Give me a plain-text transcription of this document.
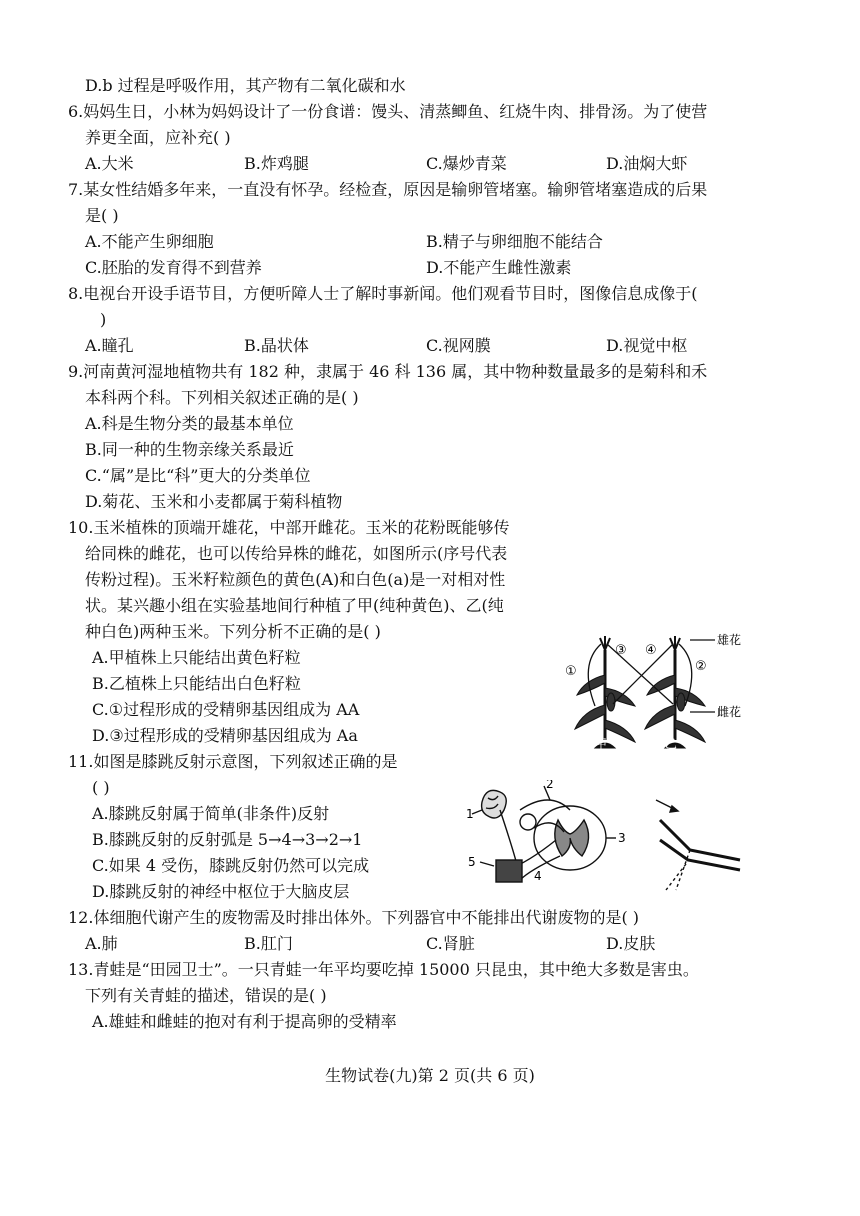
D.b 过程是呼吸作用，其产物有二氧化碳和水
6.妈妈生日，小林为妈妈设计了一份食谱：馒头、清蒸鲫鱼、红烧牛肉、排骨汤。为了使营
养更全面，应补充( )
A.大米	B.炸鸡腿	C.爆炒青菜	D.油焖大虾
7.某女性结婚多年来，一直没有怀孕。经检查，原因是输卵管堵塞。输卵管堵塞造成的后果
是( )
A.不能产生卵细胞	B.精子与卵细胞不能结合
C.胚胎的发育得不到营养	D.不能产生雌性激素
8.电视台开设手语节目，方便听障人士了解时事新闻。他们观看节目时，图像信息成像于(
)
A.瞳孔	B.晶状体	C.视网膜	D.视觉中枢
9.河南黄河湿地植物共有 182 种，隶属于 46 科 136 属，其中物种数量最多的是菊科和禾
本科两个科。下列相关叙述正确的是( )
A.科是生物分类的最基本单位
B.同一种的生物亲缘关系最近
C.“属”是比“科”更大的分类单位
D.菊花、玉米和小麦都属于菊科植物
10.玉米植株的顶端开雄花，中部开雌花。玉米的花粉既能够传
给同株的雌花，也可以传给异株的雌花，如图所示(序号代表
传粉过程)。玉米籽粒颜色的黄色(A)和白色(a)是一对相对性
状。某兴趣小组在实验基地间行种植了甲(纯种黄色)、乙(纯
种白色)两种玉米。下列分析不正确的是( )
A.甲植株上只能结出黄色籽粒
B.乙植株上只能结出白色籽粒
C.①过程形成的受精卵基因组成为 AA
D.③过程形成的受精卵基因组成为 Aa
①
③ ④
②
雄花
雌花
甲	乙
11.如图是膝跳反射示意图，下列叙述正确的是
( )
A.膝跳反射属于简单(非条件)反射
B.膝跳反射的反射弧是 5→4→3→2→1
C.如果 4 受伤，膝跳反射仍然可以完成
D.膝跳反射的神经中枢位于大脑皮层
1
2
3
4
5
12.体细胞代谢产生的废物需及时排出体外。下列器官中不能排出代谢废物的是( )
A.肺	B.肛门	C.肾脏	D.皮肤
13.青蛙是“田园卫士”。一只青蛙一年平均要吃掉 15000 只昆虫，其中绝大多数是害虫。
下列有关青蛙的描述，错误的是( )
A.雄蛙和雌蛙的抱对有利于提高卵的受精率
生物试卷(九)第 2 页(共 6 页)
